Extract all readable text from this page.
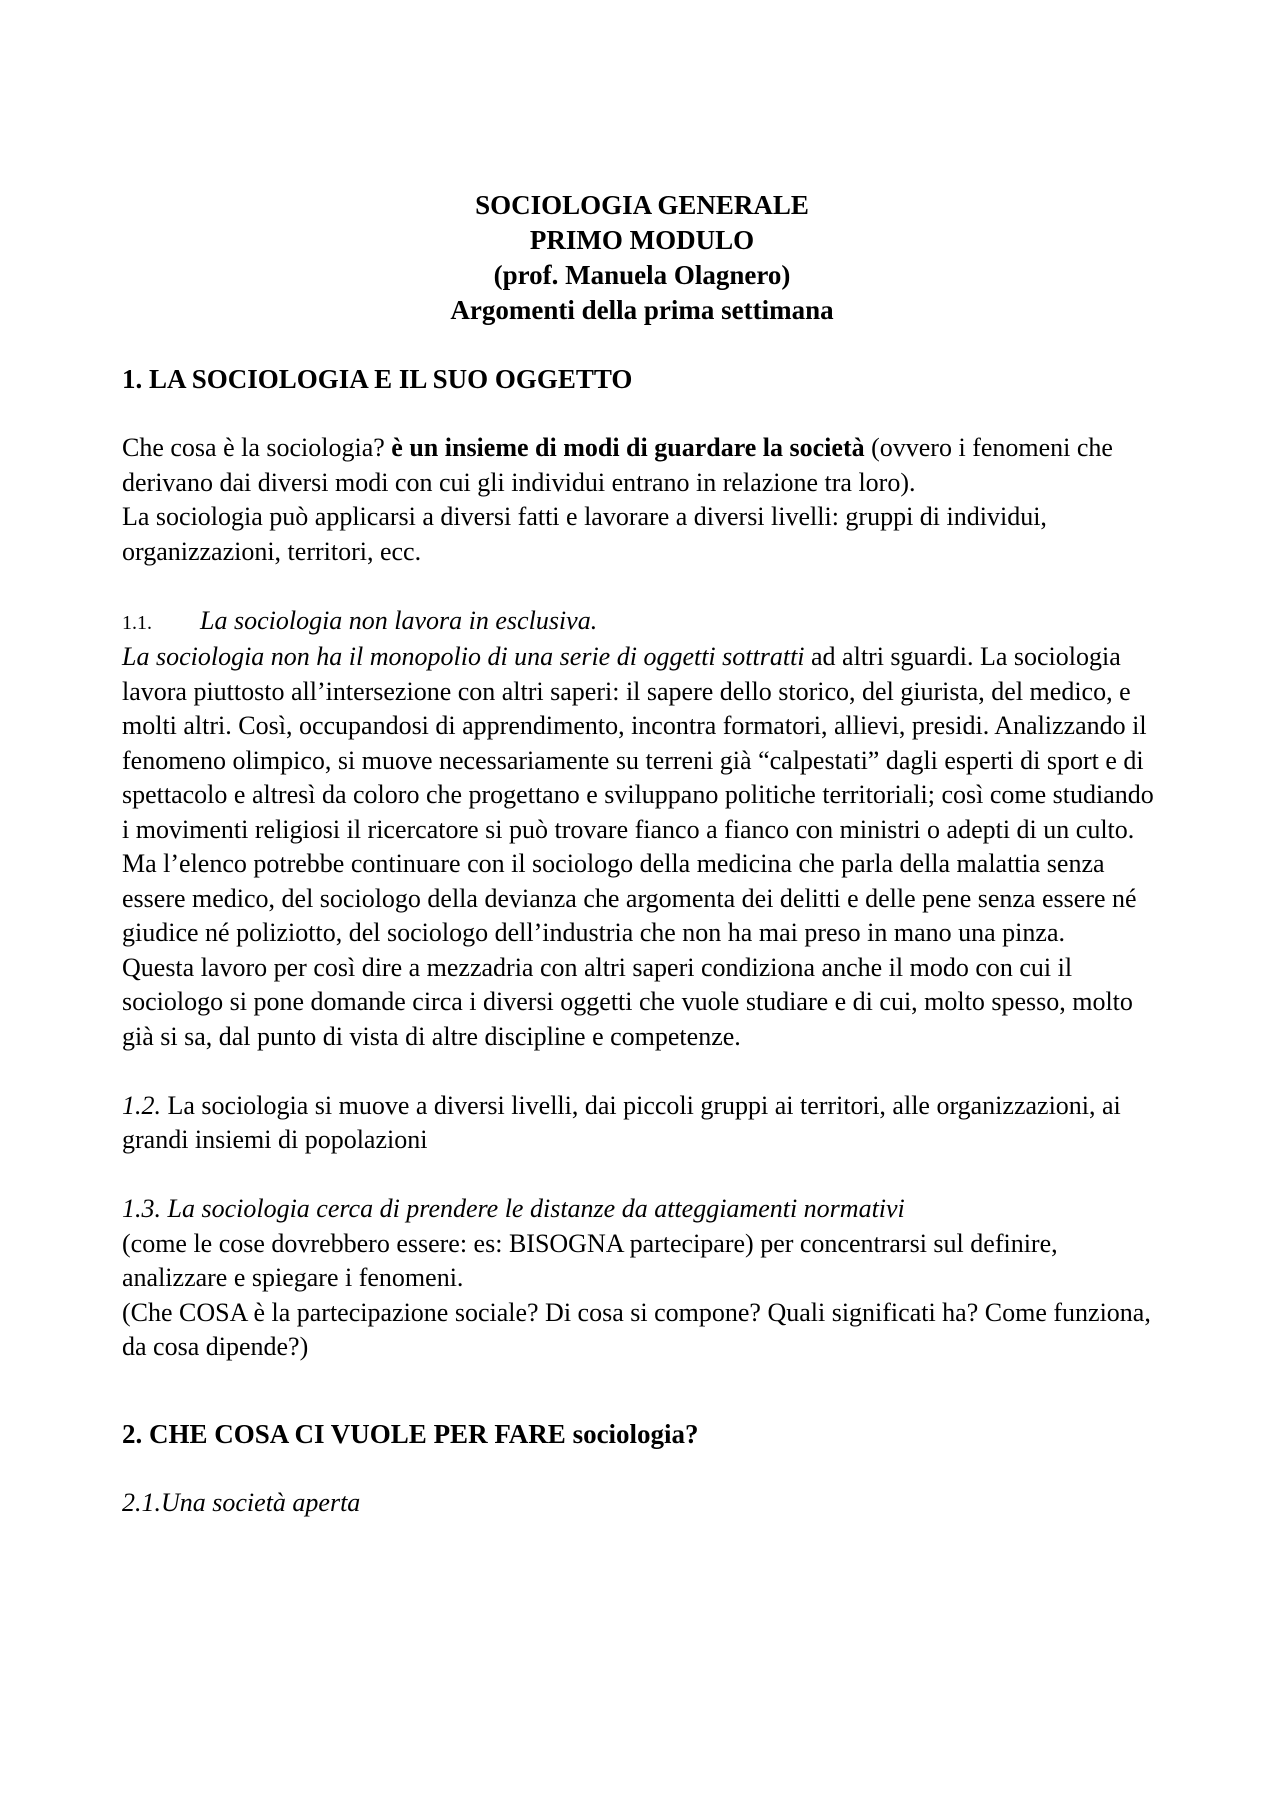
SOCIOLOGIA GENERALE
PRIMO MODULO
(prof. Manuela Olagnero)
Argomenti della prima settimana

1. LA SOCIOLOGIA E IL SUO OGGETTO

Che cosa è la sociologia? è un insieme di modi di guardare la società (ovvero i fenomeni che derivano dai diversi modi con cui gli individui entrano in relazione tra loro).

La sociologia può applicarsi a diversi fatti e lavorare a diversi livelli: gruppi di individui, organizzazioni, territori, ecc.

1.1. La sociologia non lavora in esclusiva.

La sociologia non ha il monopolio di una serie di oggetti sottratti ad altri sguardi. La sociologia lavora piuttosto all’intersezione con altri saperi: il sapere dello storico, del giurista, del medico, e molti altri. Così, occupandosi di apprendimento, incontra formatori, allievi, presidi. Analizzando il fenomeno olimpico, si muove necessariamente su terreni già “calpestati” dagli esperti di sport e di spettacolo e altresì da coloro che progettano e sviluppano politiche territoriali; così come studiando i movimenti religiosi il ricercatore si può trovare fianco a fianco con ministri o adepti di un culto.

Ma l’elenco potrebbe continuare con il sociologo della medicina che parla della malattia senza essere medico, del sociologo della devianza che argomenta dei delitti e delle pene senza essere né giudice né poliziotto, del sociologo dell’industria che non ha mai preso in mano una pinza.

Questa lavoro per così dire a mezzadria con altri saperi condiziona anche il modo con cui il sociologo si pone domande circa i diversi oggetti che vuole studiare e di cui, molto spesso, molto già si sa, dal punto di vista di altre discipline e competenze.

1.2. La sociologia si muove a diversi livelli, dai piccoli gruppi ai territori, alle organizzazioni, ai grandi insiemi di popolazioni

1.3. La sociologia cerca di prendere le distanze da atteggiamenti normativi

(come le cose dovrebbero essere: es: BISOGNA partecipare) per concentrarsi sul definire, analizzare e spiegare i fenomeni.

(Che COSA è la partecipazione sociale? Di cosa si compone? Quali significati ha? Come funziona, da cosa dipende?)

2. CHE COSA CI VUOLE PER FARE sociologia?

2.1.Una società aperta
